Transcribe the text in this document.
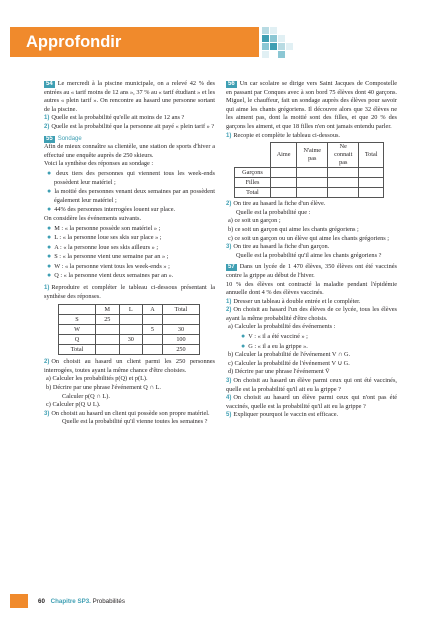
Approfondir

54 Le mercredi à la piscine municipale, on a relevé 42 % des entrées au « tarif moins de 12 ans », 37 % au « tarif étudiant » et les autres « plein tarif ». On rencontre au hasard une personne sortant de la piscine.

1) Quelle est la probabilité qu'elle ait moins de 12 ans ?

2) Quelle est la probabilité que la personne ait payé « plein tarif » ?

55 Sondage

Afin de mieux connaître sa clientèle, une station de sports d'hiver a effectué une enquête auprès de 250 skieurs.

Voici la synthèse des réponses au sondage :

● deux tiers des personnes qui viennent tous les week-ends possèdent leur matériel ;

● la moitié des personnes venant deux semaines par an possèdent également leur matériel ;

● 44% des personnes interrogées louent sur place.

On considère les événements suivants.

● M : « la personne possède son matériel » ;

● L : « la personne loue ses skis sur place » ;

● A : « la personne loue ses skis ailleurs » ;

● S : « la personne vient une semaine par an » ;

● W : « la personne vient tous les week-ends » ;

● Q : « la personne vient deux semaines par an ».

1) Reproduire et compléter le tableau ci-dessous présentant la synthèse des réponses.

	M	L	A	Total
S	25			
W			5	30
Q		30		100
Total				250

2) On choisit au hasard un client parmi les 250 personnes interrogées, toutes ayant la même chance d'être choisies.

a) Calculer les probabilités p(Q) et p(L).

b) Décrire par une phrase l'événement Q ∩ L.

Calculer p(Q ∩ L).

c) Calculer p(Q ∪ L).

3) On choisit au hasard un client qui possède son propre matériel.

Quelle est la probabilité qu'il vienne toutes les semaines ?

56 Un car scolaire se dirige vers Saint Jacques de Compostelle en passant par Conques avec à son bord 75 élèves dont 40 garçons. Miguel, le chauffeur, fait un sondage auprès des élèves pour savoir qui aime les chants grégoriens. Il découvre alors que 32 élèves ne les aiment pas, dont la moitié sont des filles, et que 20 % des garçons les aiment, et que 18 filles n'en ont jamais entendu parler.

1) Recopie et complète le tableau ci-dessous.

	Aime	N'aime pas	Ne connait pas	Total
Garçons				
Filles				
Total				

2) On tire au hasard la fiche d'un élève.

Quelle est la probabilité que :

a) ce soit un garçon ;

b) ce soit un garçon qui aime les chants grégoriens ;

c) ce soit un garçon ou un élève qui aime les chants grégoriens ;

3) On tire au hasard la fiche d'un garçon.

Quelle est la probabilité qu'il aime les chants grégoriens ?

57 Dans un lycée de 1 470 élèves, 350 élèves ont été vaccinés contre la grippe au début de l'hiver.

10 % des élèves ont contracté la maladie pendant l'épidémie annuelle dont 4 % des élèves vaccinés.

1) Dresser un tableau à double entrée et le compléter.

2) On choisit au hasard l'un des élèves de ce lycée, tous les élèves ayant la même probabilité d'être choisis.

a) Calculer la probabilité des événements :

● V : « il a été vacciné » ;

● G : « il a eu la grippe ».

b) Calculer la probabilité de l'événement V ∩ G.

c) Calculer la probabilité de l'événement V ∪ G.

d) Décrire par une phrase l'événement V̄

3) On choisit au hasard un élève parmi ceux qui ont été vaccinés, quelle est la probabilité qu'il ait eu la grippe ?

4) On choisit au hasard un élève parmi ceux qui n'ont pas été vaccinés, quelle est la probabilité qu'il ait eu la grippe ?

5) Expliquer pourquoi le vaccin est efficace.

60 Chapitre SP3. Probabilités
